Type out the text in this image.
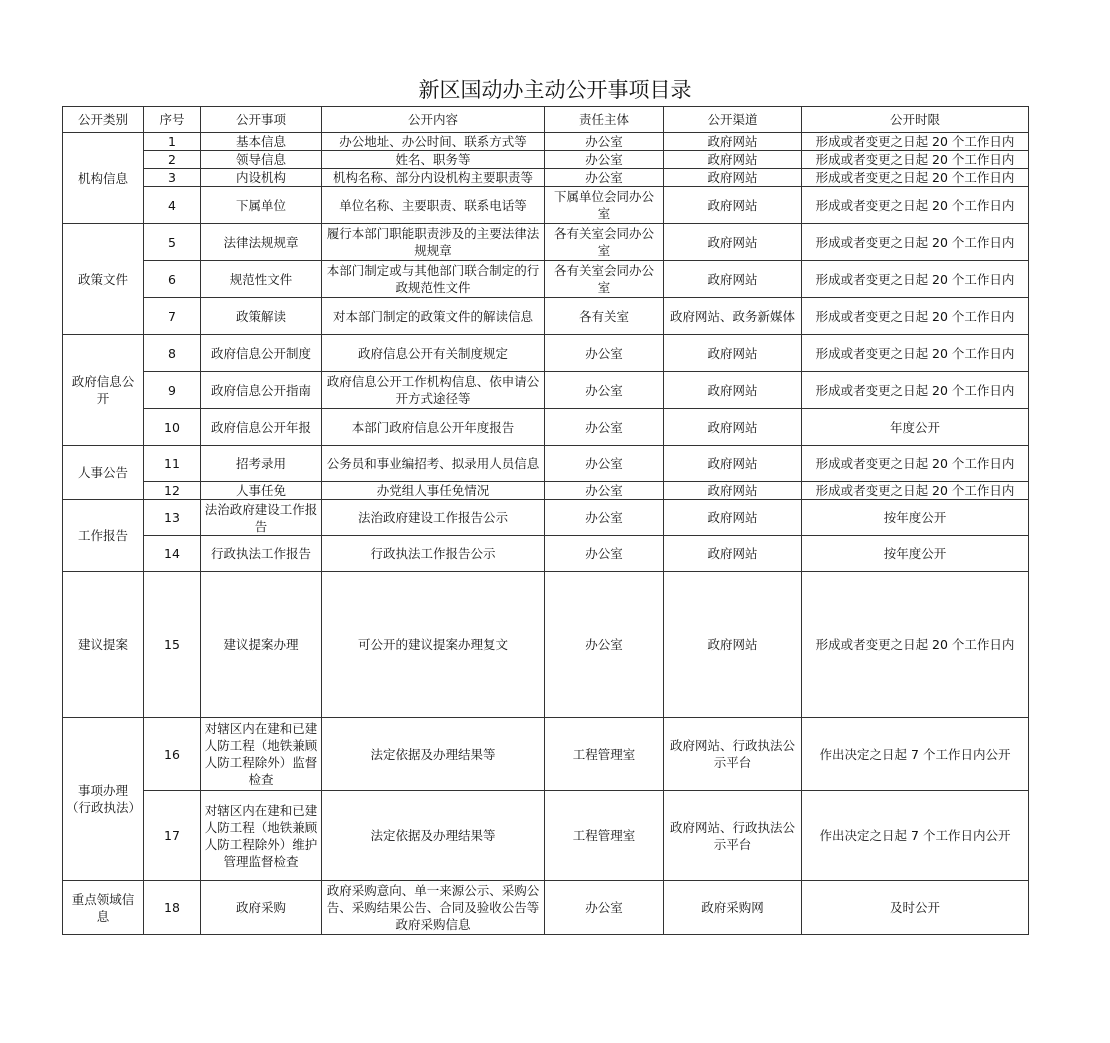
新区国动办主动公开事项目录
公开类别	序号	公开事项	公开内容	责任主体	公开渠道	公开时限
机构信息	1	基本信息	办公地址、办公时间、联系方式等	办公室	政府网站	形成或者变更之日起 20 个工作日内
	2	领导信息	姓名、职务等	办公室	政府网站	形成或者变更之日起 20 个工作日内
	3	内设机构	机构名称、部分内设机构主要职责等	办公室	政府网站	形成或者变更之日起 20 个工作日内
	4	下属单位	单位名称、主要职责、联系电话等	下属单位会同办公室	政府网站	形成或者变更之日起 20 个工作日内
政策文件	5	法律法规规章	履行本部门职能职责涉及的主要法律法规规章	各有关室会同办公室	政府网站	形成或者变更之日起 20 个工作日内
	6	规范性文件	本部门制定或与其他部门联合制定的行政规范性文件	各有关室会同办公室	政府网站	形成或者变更之日起 20 个工作日内
	7	政策解读	对本部门制定的政策文件的解读信息	各有关室	政府网站、政务新媒体	形成或者变更之日起 20 个工作日内
政府信息公开	8	政府信息公开制度	政府信息公开有关制度规定	办公室	政府网站	形成或者变更之日起 20 个工作日内
	9	政府信息公开指南	政府信息公开工作机构信息、依申请公开方式途径等	办公室	政府网站	形成或者变更之日起 20 个工作日内
	10	政府信息公开年报	本部门政府信息公开年度报告	办公室	政府网站	年度公开
人事公告	11	招考录用	公务员和事业编招考、拟录用人员信息	办公室	政府网站	形成或者变更之日起 20 个工作日内
	12	人事任免	办党组人事任免情况	办公室	政府网站	形成或者变更之日起 20 个工作日内
工作报告	13	法治政府建设工作报告	法治政府建设工作报告公示	办公室	政府网站	按年度公开
	14	行政执法工作报告	行政执法工作报告公示	办公室	政府网站	按年度公开
建议提案	15	建议提案办理	可公开的建议提案办理复文	办公室	政府网站	形成或者变更之日起 20 个工作日内
事项办理（行政执法）	16	对辖区内在建和已建人防工程（地铁兼顾人防工程除外）监督检查	法定依据及办理结果等	工程管理室	政府网站、行政执法公示平台	作出决定之日起 7 个工作日内公开
	17	对辖区内在建和已建人防工程（地铁兼顾人防工程除外）维护管理监督检查	法定依据及办理结果等	工程管理室	政府网站、行政执法公示平台	作出决定之日起 7 个工作日内公开
重点领域信息	18	政府采购	政府采购意向、单一来源公示、采购公告、采购结果公告、合同及验收公告等政府采购信息	办公室	政府采购网	及时公开
